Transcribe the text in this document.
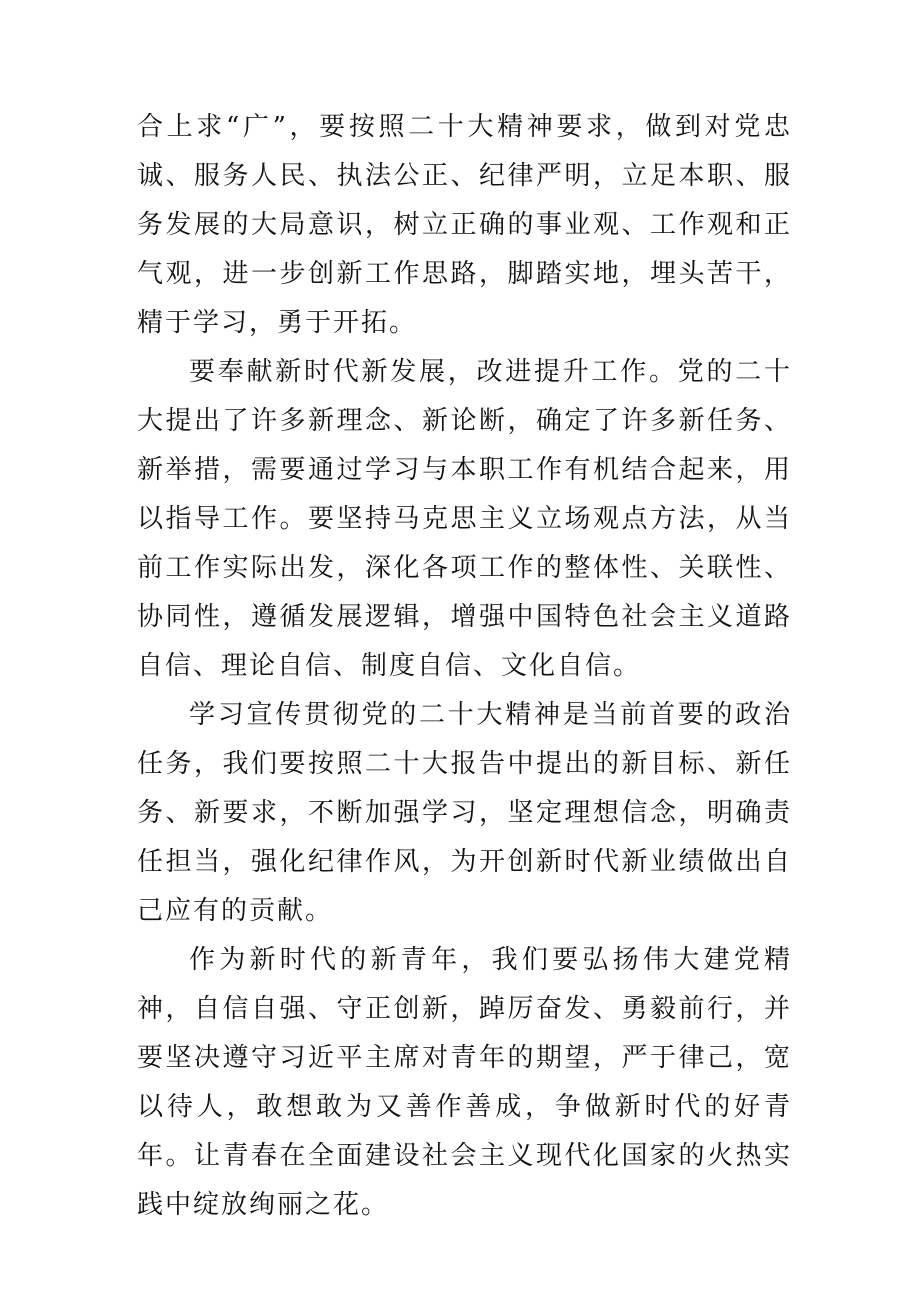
合上求“广”，要按照二十大精神要求，做到对党忠诚、服务人民、执法公正、纪律严明，立足本职、服务发展的大局意识，树立正确的事业观、工作观和正气观，进一步创新工作思路，脚踏实地，埋头苦干，精于学习，勇于开拓。

要奉献新时代新发展，改进提升工作。党的二十大提出了许多新理念、新论断，确定了许多新任务、新举措，需要通过学习与本职工作有机结合起来，用以指导工作。要坚持马克思主义立场观点方法，从当前工作实际出发，深化各项工作的整体性、关联性、协同性，遵循发展逻辑，增强中国特色社会主义道路自信、理论自信、制度自信、文化自信。

学习宣传贯彻党的二十大精神是当前首要的政治任务，我们要按照二十大报告中提出的新目标、新任务、新要求，不断加强学习，坚定理想信念，明确责任担当，强化纪律作风，为开创新时代新业绩做出自己应有的贡献。

作为新时代的新青年，我们要弘扬伟大建党精神，自信自强、守正创新，踔厉奋发、勇毅前行，并要坚决遵守习近平主席对青年的期望，严于律己，宽以待人，敢想敢为又善作善成，争做新时代的好青年。让青春在全面建设社会主义现代化国家的火热实践中绽放绚丽之花。
